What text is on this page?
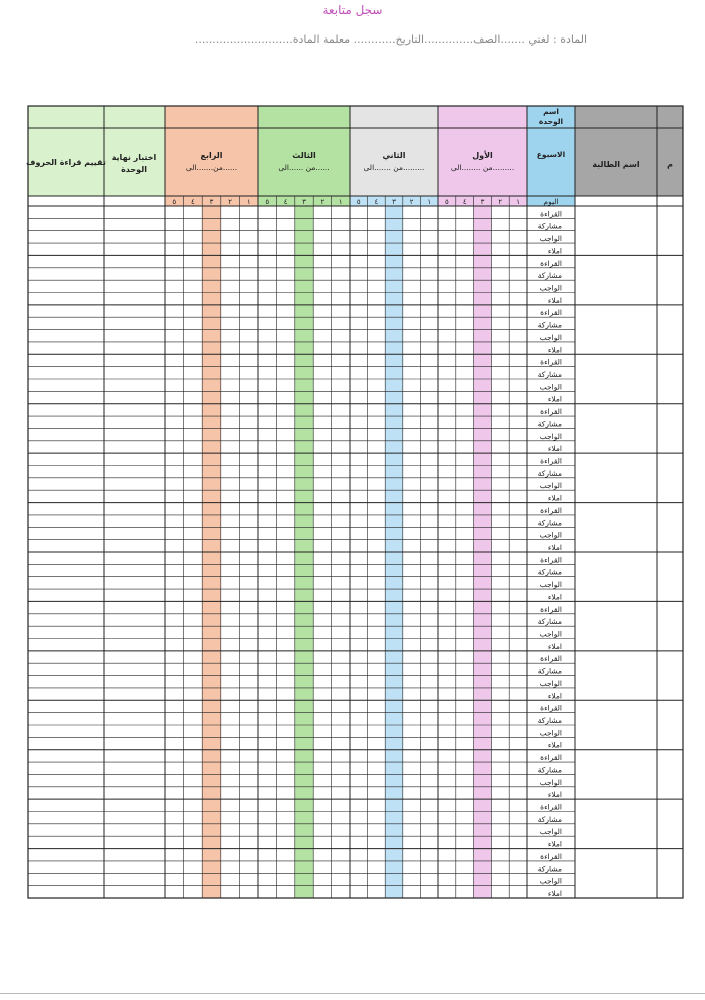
سجل متابعة
المادة : لغتي .......الصف..............التاريخ............ معلمة المادة............................
القراءة
مشاركة
الواجب
املاء
القراءة
مشاركة
الواجب
املاء
القراءة
مشاركة
الواجب
املاء
القراءة
مشاركة
الواجب
املاء
القراءة
مشاركة
الواجب
املاء
القراءة
مشاركة
الواجب
املاء
القراءة
مشاركة
الواجب
املاء
القراءة
مشاركة
الواجب
املاء
القراءة
مشاركة
الواجب
املاء
القراءة
مشاركة
الواجب
املاء
القراءة
مشاركة
الواجب
املاء
القراءة
مشاركة
الواجب
املاء
القراءة
مشاركة
الواجب
املاء
القراءة
مشاركة
الواجب
املاء
تقييم قراءة الحروف
اختبار نهاية
الوحدة
الرابع
من.......الى......
٥ ٤ ٣ ٢ ١
الثالث
من ......الى......
٥ ٤ ٣ ٢ ١
الثاني
من .......الى.........
٥ ٤ ٣ ٢ ١
الأول
من ........الى.........
٥ ٤ ٣ ٢ ١
اسم
الوحدة
الاسبوع
اليوم
اسم الطالبة	م
